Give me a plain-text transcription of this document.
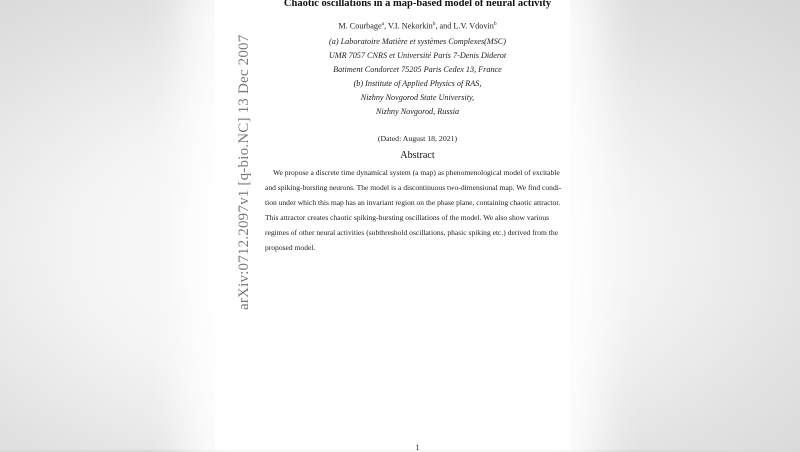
arXiv:0712.2097v1 [q-bio.NC] 13 Dec 2007
Chaotic oscillations in a map-based model of neural activity
M. Courbage$^a$, V.I. Nekorkin$^b$, and L.V. Vdovin$^b$
(a) Laboratoire Matière et systèmes Complexes(MSC)
UMR 7057 CNRS et Université Paris 7-Denis Diderot
Batiment Condorcet 75205 Paris Cedex 13, France
(b) Institute of Applied Physics of RAS,
Nizhny Novgorod State University,
Nizhny Novgorod, Russia
(Dated: August 18, 2021)
Abstract
We propose a discrete time dynamical system (a map) as phenomenological model of excitable
and spiking-bursting neurons. The model is a discontinuous two-dimensional map. We find condi-
tion under which this map has an invariant region on the phase plane, containing chaotic attractor.
This attractor creates chaotic spiking-bursting oscillations of the model. We also show various
regimes of other neural activities (subthreshold oscillations, phasic spiking etc.) derived from the
proposed model.
1
